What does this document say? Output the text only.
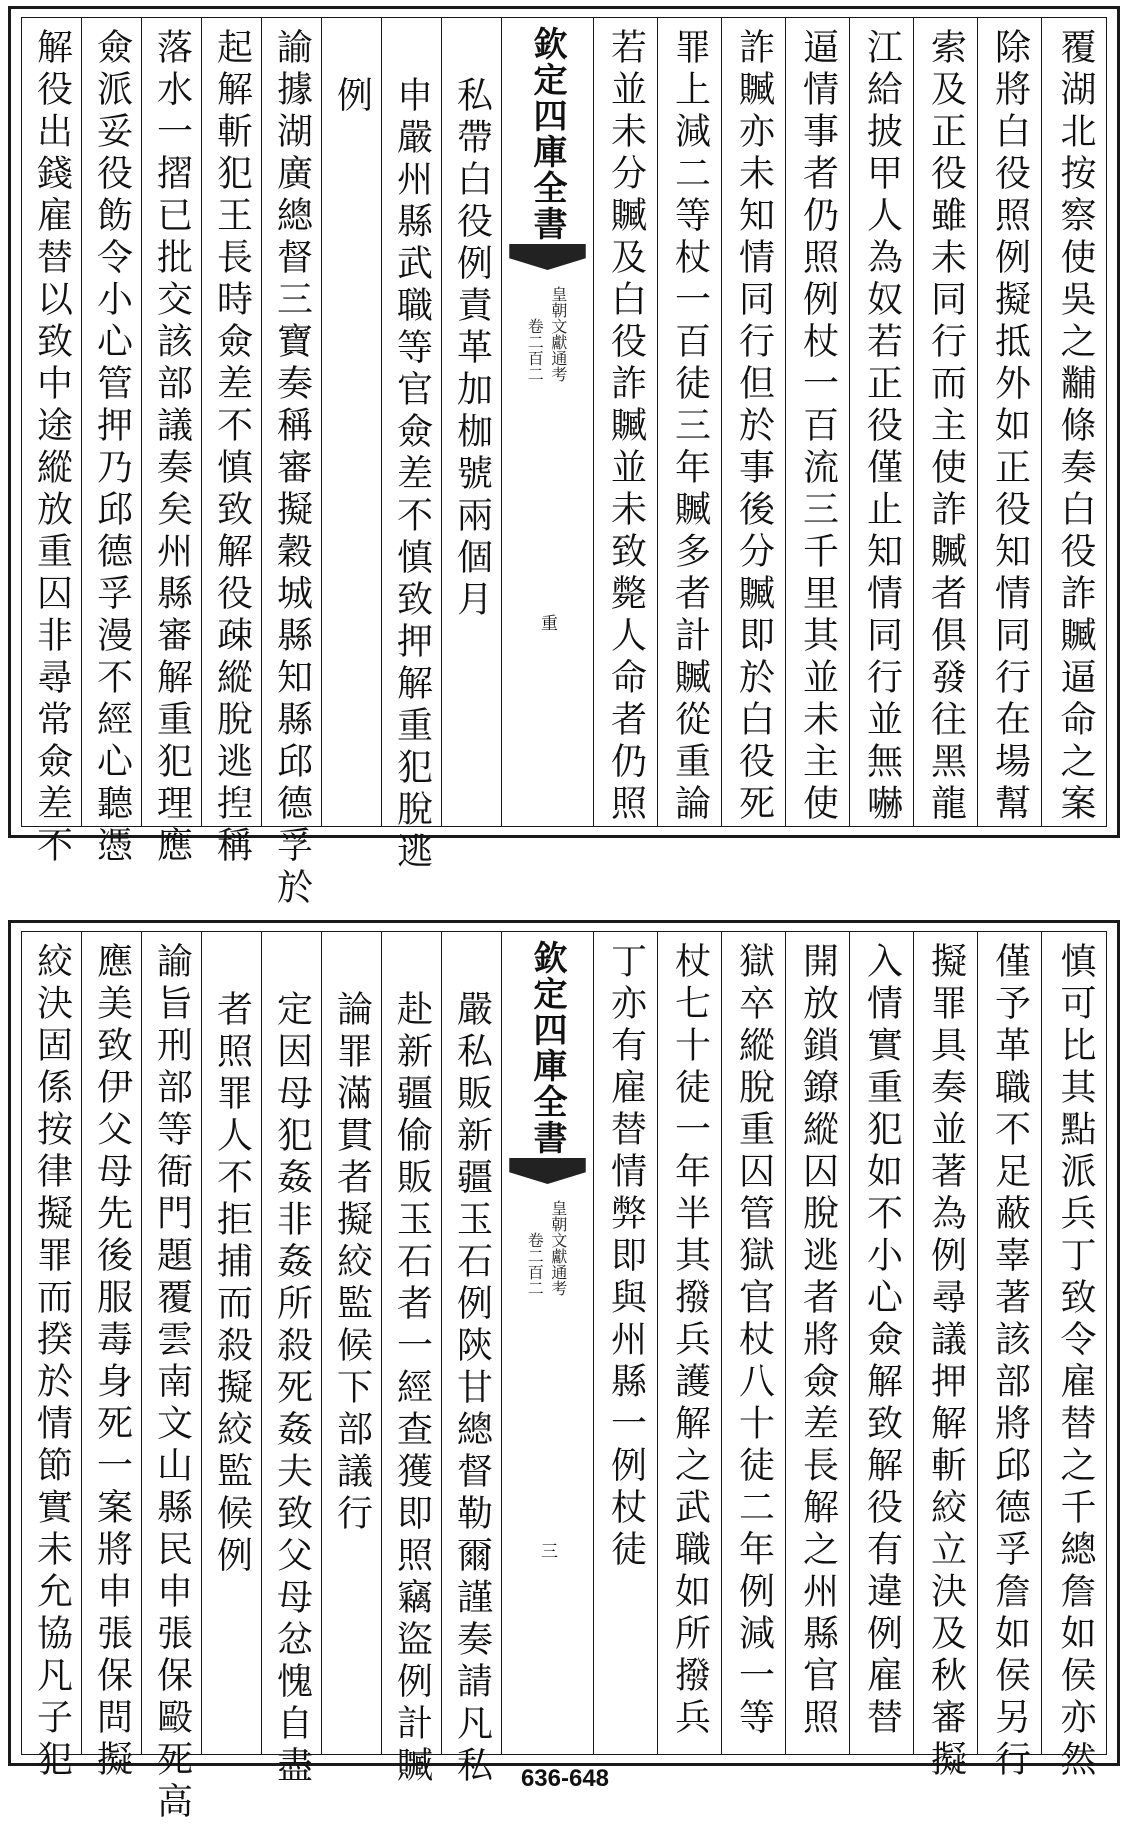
解役出錢雇替以致中途縱放重囚非尋常僉差不 僉派妥役飭令小心管押乃邱德孚漫不經心聽憑 落水一摺已批交該部議奏矣州縣審解重犯理應 起解斬犯王長時僉差不慎致解役疎縱脫逃揑稱 諭據湖廣總督三寶奏稱審擬穀城縣知縣邱德孚於 例 申嚴州縣武職等官僉差不慎致押解重犯脫逃 私帶白役例責革加枷號兩個月 欽定四庫全書
皇朝文獻通考
卷二百二
重 若並未分贓及白役詐贓並未致斃人命者仍照 罪上減二等杖一百徒三年贓多者計贓從重論 詐贓亦未知情同行但於事後分贓即於白役死 逼情事者仍照例杖一百流三千里其並未主使 江給披甲人為奴若正役僅止知情同行並無嚇 索及正役雖未同行而主使詐贓者俱發往黑龍 除將白役照例擬抵外如正役知情同行在場幫 覆湖北按察使吳之黼條奏白役詐贓逼命之案
絞決固係按律擬罪而揆於情節實未允協凡子犯 應美致伊父母先後服毒身死一案將申張保問擬 諭旨刑部等衙門題覆雲南文山縣民申張保毆死高 者照罪人不拒捕而殺擬絞監候例 定因母犯姦非姦所殺死姦夫致父母忿愧自盡 論罪滿貫者擬絞監候下部議行 赴新疆偷販玉石者一經查獲即照竊盜例計贓 嚴私販新疆玉石例陝甘總督勒爾謹奏請凡私 欽定四庫全書
皇朝文獻通考
卷二百二
三 丁亦有雇替情弊即與州縣一例杖徒 杖七十徒一年半其撥兵護解之武職如所撥兵 獄卒縱脫重囚管獄官杖八十徒二年例減一等 開放鎖鐐縱囚脫逃者將僉差長解之州縣官照 入情實重犯如不小心僉解致解役有違例雇替 擬罪具奏並著為例尋議押解斬絞立決及秋審擬 僅予革職不足蔽辜著該部將邱德孚詹如侯另行 慎可比其點派兵丁致令雇替之千總詹如侯亦然
636-648
